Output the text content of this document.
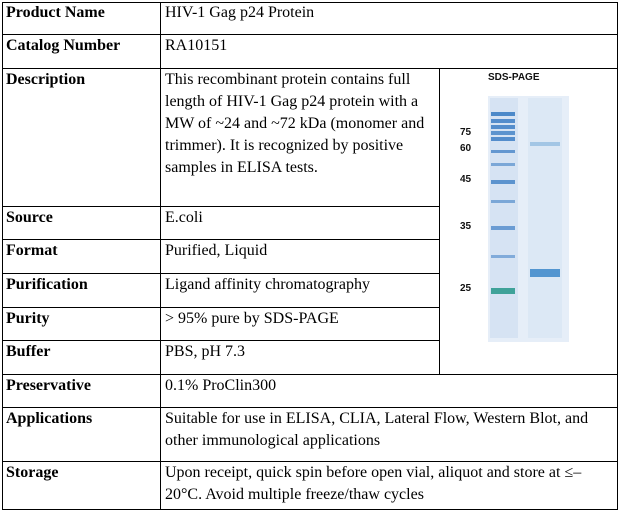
Product Name	HIV-1 Gag p24 Protein
Catalog Number	RA10151
Description	This recombinant protein contains full length of HIV-1 Gag p24 protein with a MW of ~24 and ~72 kDa (monomer and trimmer). It is recognized by positive samples in ELISA tests.
Source	E.coli
Format	Purified, Liquid
Purification	Ligand affinity chromatography
Purity	> 95% pure by SDS-PAGE
Buffer	PBS, pH 7.3
Preservative	0.1% ProClin300
Applications	Suitable for use in ELISA, CLIA, Lateral Flow, Western Blot, and other immunological applications
Storage	Upon receipt, quick spin before open vial, aliquot and store at ≤–20°C. Avoid multiple freeze/thaw cycles
75
60
45
35
25
SDS-PAGE
